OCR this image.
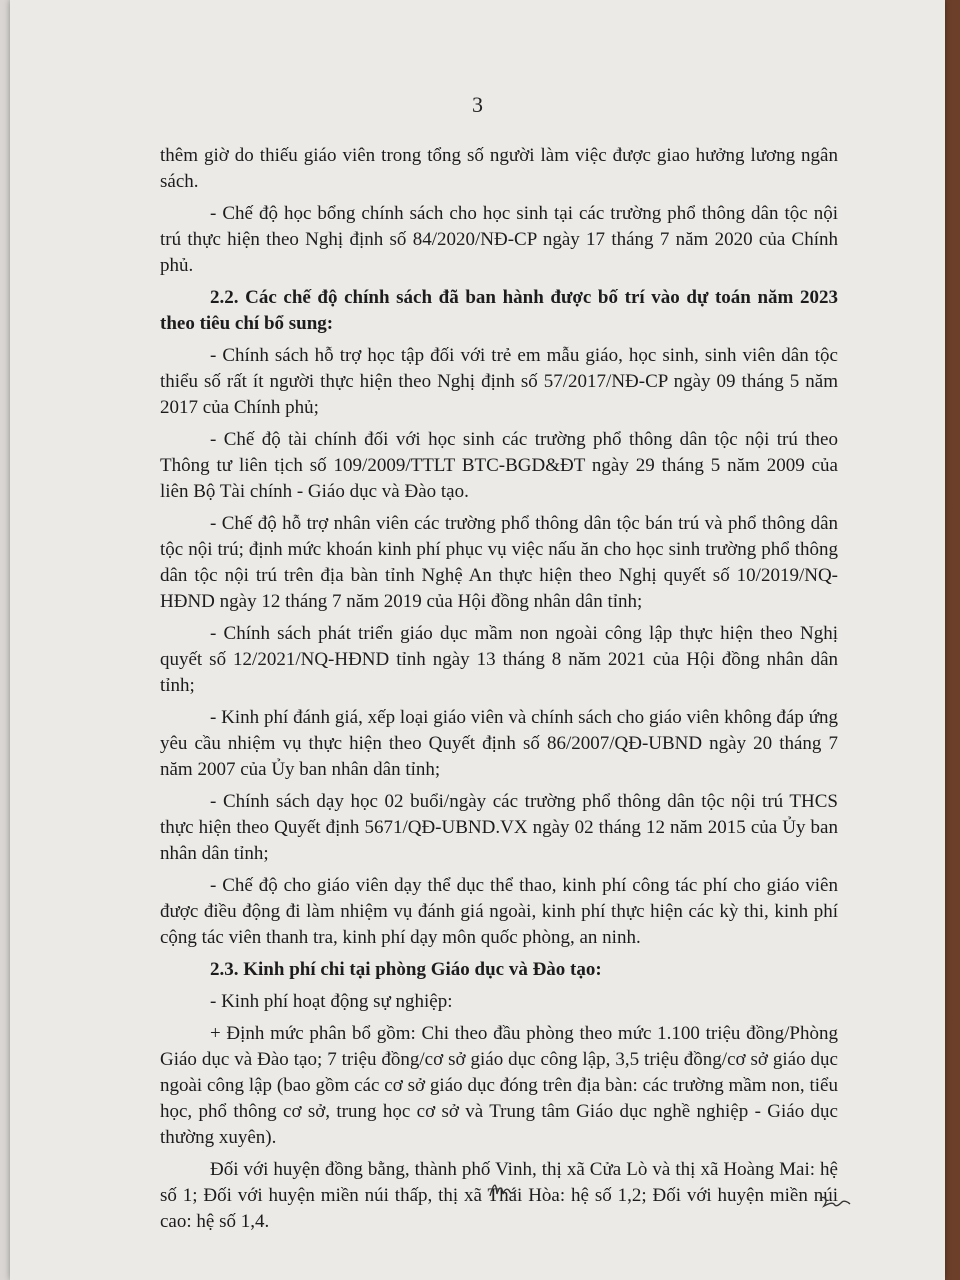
3

thêm giờ do thiếu giáo viên trong tổng số người làm việc được giao hưởng lương ngân sách.

- Chế độ học bổng chính sách cho học sinh tại các trường phổ thông dân tộc nội trú thực hiện theo Nghị định số 84/2020/NĐ-CP ngày 17 tháng 7 năm 2020 của Chính phủ.

2.2. Các chế độ chính sách đã ban hành được bố trí vào dự toán năm 2023 theo tiêu chí bổ sung:

- Chính sách hỗ trợ học tập đối với trẻ em mẫu giáo, học sinh, sinh viên dân tộc thiểu số rất ít người thực hiện theo Nghị định số 57/2017/NĐ-CP ngày 09 tháng 5 năm 2017 của Chính phủ;

- Chế độ tài chính đối với học sinh các trường phổ thông dân tộc nội trú theo Thông tư liên tịch số 109/2009/TTLT BTC-BGD&ĐT ngày 29 tháng 5 năm 2009 của liên Bộ Tài chính - Giáo dục và Đào tạo.

- Chế độ hỗ trợ nhân viên các trường phổ thông dân tộc bán trú và phổ thông dân tộc nội trú; định mức khoán kinh phí phục vụ việc nấu ăn cho học sinh trường phổ thông dân tộc nội trú trên địa bàn tỉnh Nghệ An thực hiện theo Nghị quyết số 10/2019/NQ-HĐND ngày 12 tháng 7 năm 2019 của Hội đồng nhân dân tỉnh;

- Chính sách phát triển giáo dục mầm non ngoài công lập thực hiện theo Nghị quyết số 12/2021/NQ-HĐND tỉnh ngày 13 tháng 8 năm 2021 của Hội đồng nhân dân tỉnh;

- Kinh phí đánh giá, xếp loại giáo viên và chính sách cho giáo viên không đáp ứng yêu cầu nhiệm vụ thực hiện theo Quyết định số 86/2007/QĐ-UBND ngày 20 tháng 7 năm 2007 của Ủy ban nhân dân tỉnh;

- Chính sách dạy học 02 buổi/ngày các trường phổ thông dân tộc nội trú THCS thực hiện theo Quyết định 5671/QĐ-UBND.VX ngày 02 tháng 12 năm 2015 của Ủy ban nhân dân tỉnh;

- Chế độ cho giáo viên dạy thể dục thể thao, kinh phí công tác phí cho giáo viên được điều động đi làm nhiệm vụ đánh giá ngoài, kinh phí thực hiện các kỳ thi, kinh phí cộng tác viên thanh tra, kinh phí dạy môn quốc phòng, an ninh.

2.3. Kinh phí chi tại phòng Giáo dục và Đào tạo:

- Kinh phí hoạt động sự nghiệp:

+ Định mức phân bổ gồm: Chi theo đầu phòng theo mức 1.100 triệu đồng/Phòng Giáo dục và Đào tạo; 7 triệu đồng/cơ sở giáo dục công lập, 3,5 triệu đồng/cơ sở giáo dục ngoài công lập (bao gồm các cơ sở giáo dục đóng trên địa bàn: các trường mầm non, tiểu học, phổ thông cơ sở, trung học cơ sở và Trung tâm Giáo dục nghề nghiệp - Giáo dục thường xuyên).

Đối với huyện đồng bằng, thành phố Vinh, thị xã Cửa Lò và thị xã Hoàng Mai: hệ số 1; Đối với huyện miền núi thấp, thị xã Thái Hòa: hệ số 1,2; Đối với huyện miền núi cao: hệ số 1,4.
